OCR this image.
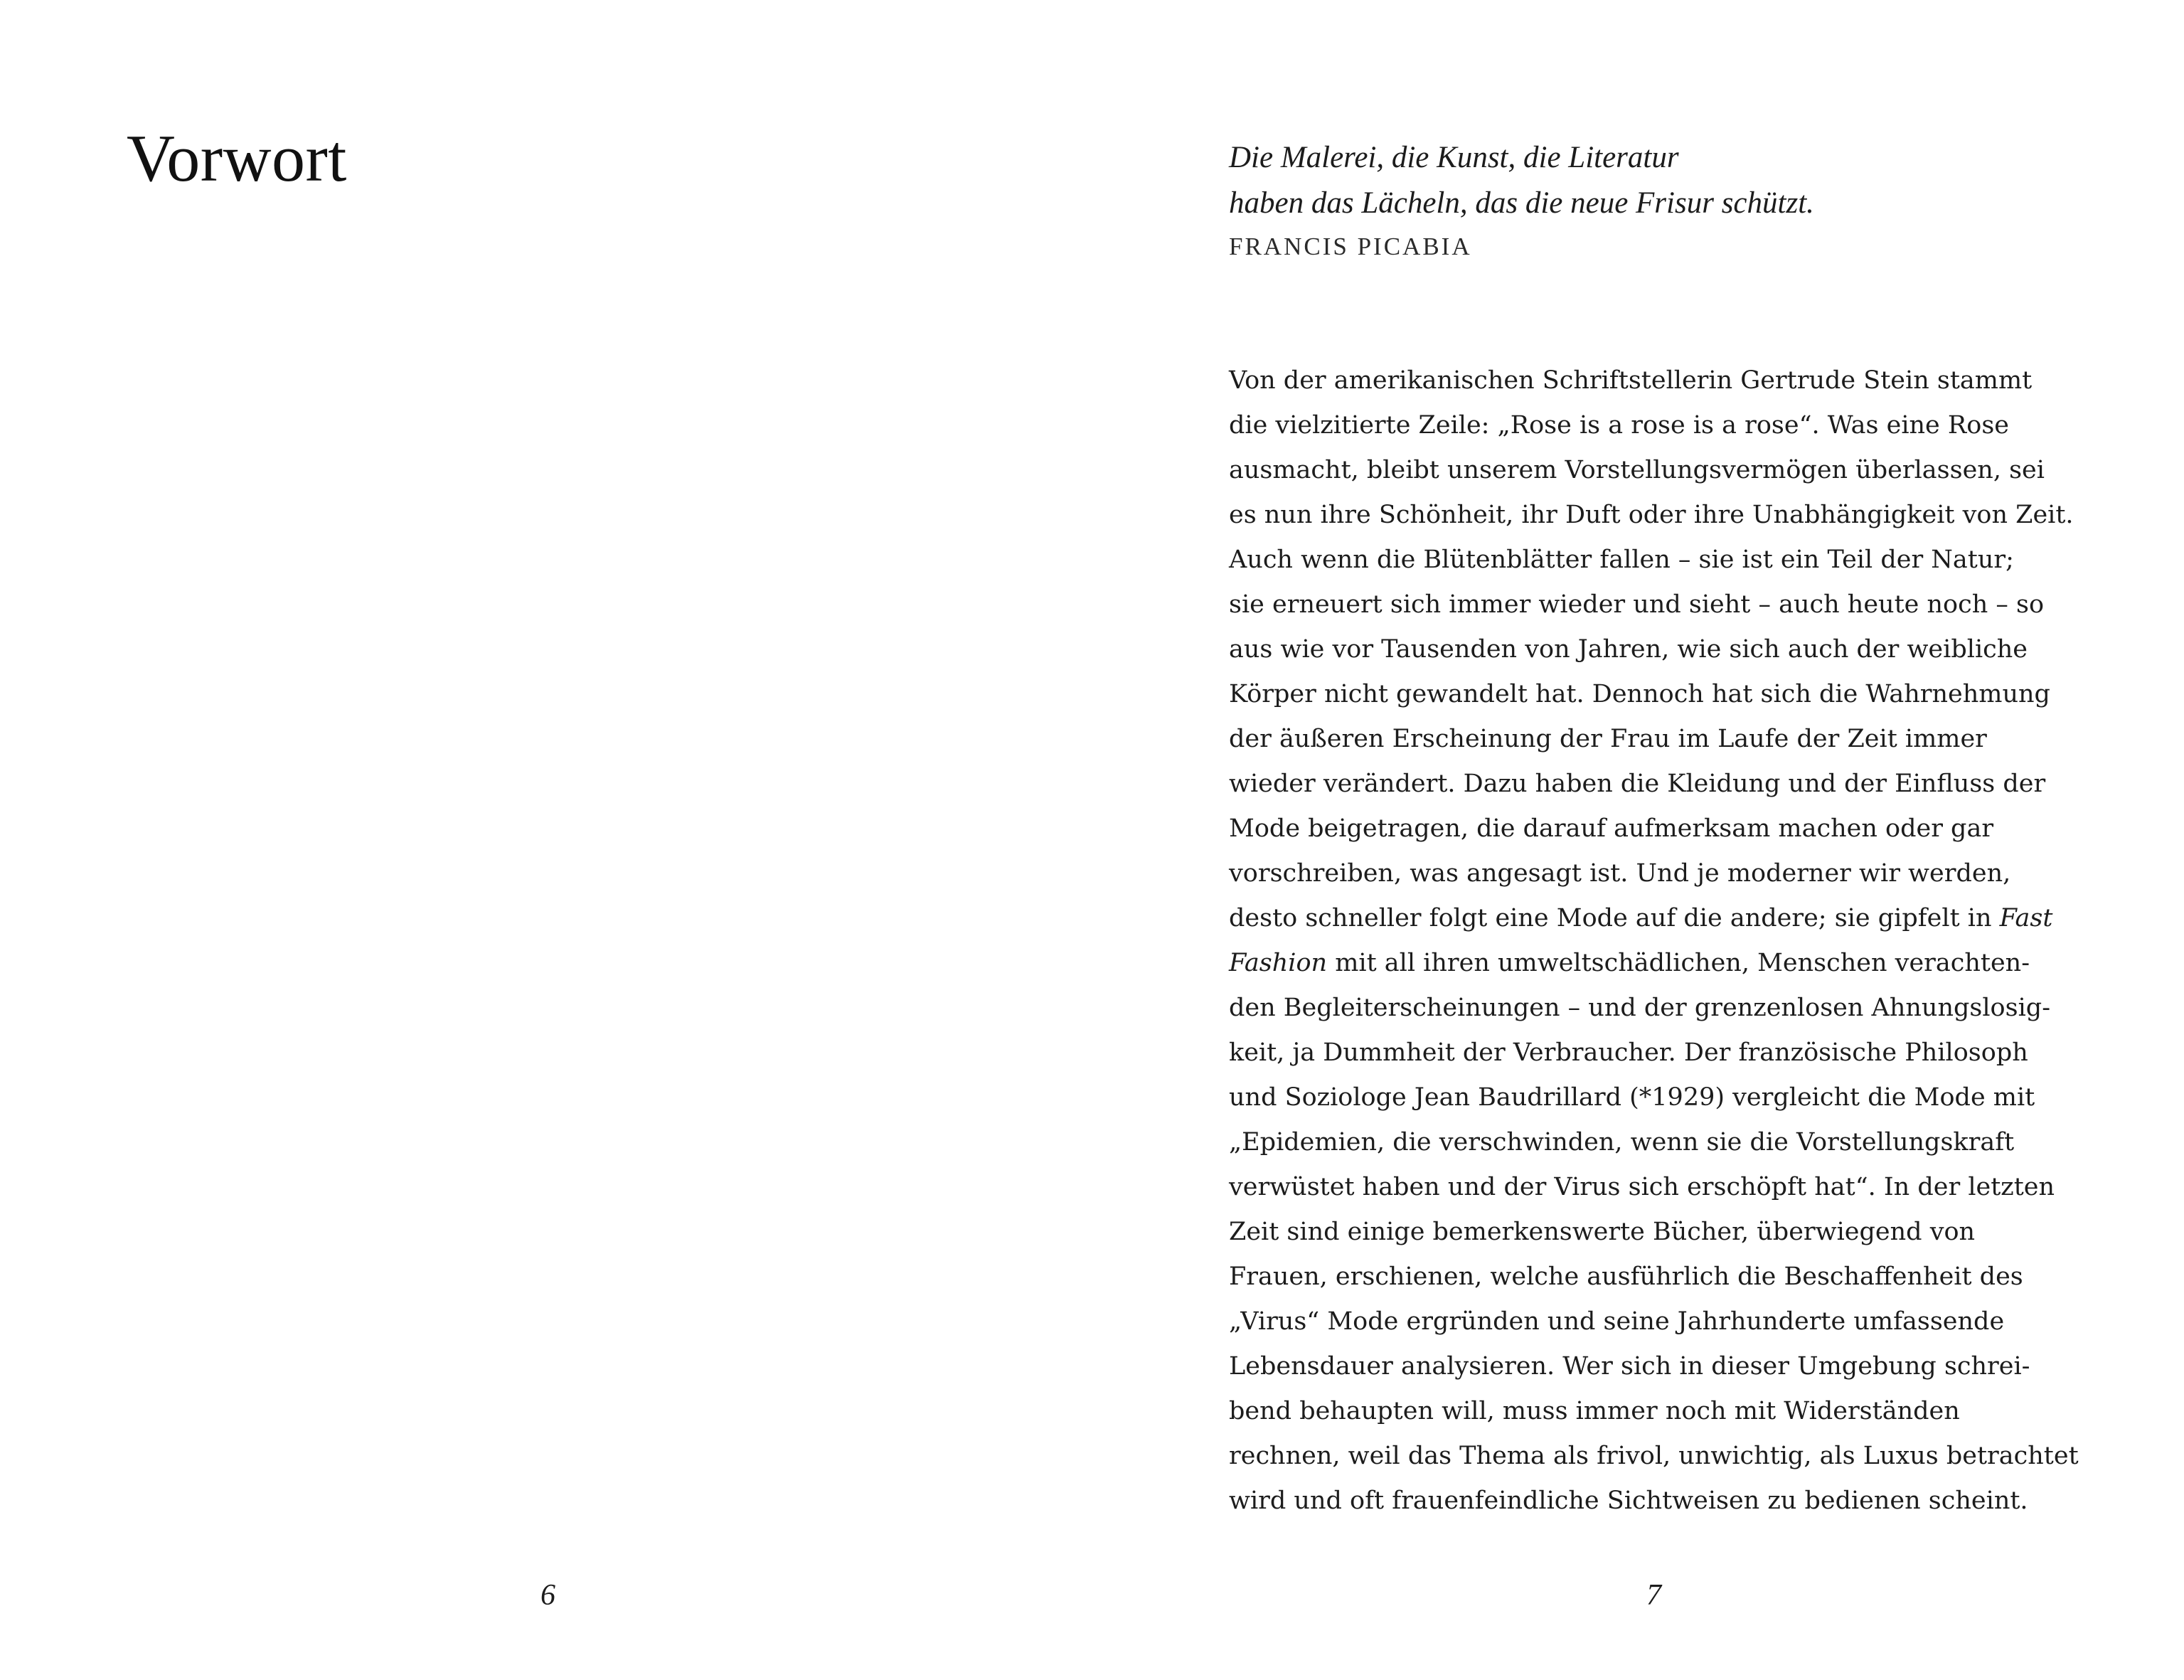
Vorwort
6
Die Malerei, die Kunst, die Literatur
haben das Lächeln, das die neue Frisur schützt.
FRANCIS PICABIA
Von der amerikanischen Schriftstellerin Gertrude Stein stammt
die vielzitierte Zeile: „Rose is a rose is a rose“. Was eine Rose
ausmacht, bleibt unserem Vorstellungsvermögen überlassen, sei
es nun ihre Schönheit, ihr Duft oder ihre Unabhängigkeit von Zeit.
Auch wenn die Blütenblätter fallen – sie ist ein Teil der Natur;
sie erneuert sich immer wieder und sieht – auch heute noch – so
aus wie vor Tausenden von Jahren, wie sich auch der weibliche
Körper nicht gewandelt hat. Dennoch hat sich die Wahrnehmung
der äußeren Erscheinung der Frau im Laufe der Zeit immer
wieder verändert. Dazu haben die Kleidung und der Einfluss der
Mode beigetragen, die darauf aufmerksam machen oder gar
vorschreiben, was angesagt ist. Und je moderner wir werden,
desto schneller folgt eine Mode auf die andere; sie gipfelt in Fast
Fashion mit all ihren umweltschädlichen, Menschen verachten-
den Begleiterscheinungen – und der grenzenlosen Ahnungslosig-
keit, ja Dummheit der Verbraucher. Der französische Philosoph
und Soziologe Jean Baudrillard (*1929) vergleicht die Mode mit
„Epidemien, die verschwinden, wenn sie die Vorstellungskraft
verwüstet haben und der Virus sich erschöpft hat“. In der letzten
Zeit sind einige bemerkenswerte Bücher, überwiegend von
Frauen, erschienen, welche ausführlich die Beschaffenheit des
„Virus“ Mode ergründen und seine Jahrhunderte umfassende
Lebensdauer analysieren. Wer sich in dieser Umgebung schrei-
bend behaupten will, muss immer noch mit Widerständen
rechnen, weil das Thema als frivol, unwichtig, als Luxus betrachtet
wird und oft frauenfeindliche Sichtweisen zu bedienen scheint.
7
